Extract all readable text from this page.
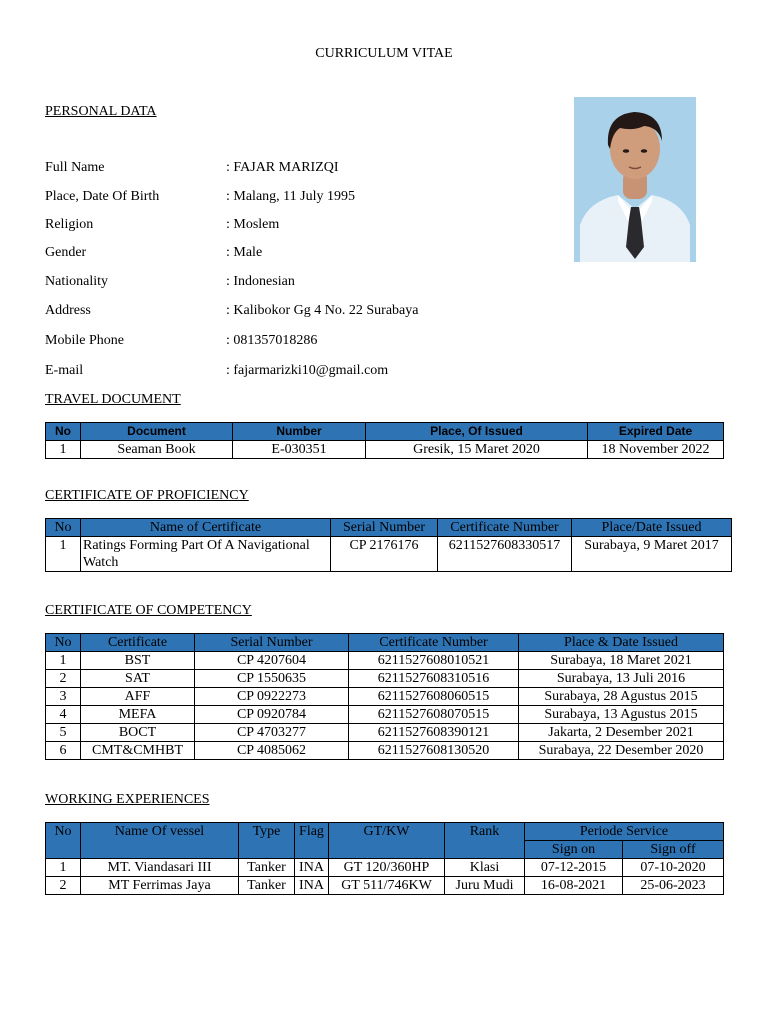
CURRICULUM VITAE
PERSONAL DATA
Full Name	: FAJAR MARIZQI
Place, Date Of Birth	: Malang, 11 July 1995
Religion	: Moslem
Gender	: Male
Nationality	: Indonesian
Address	: Kalibokor Gg 4 No. 22 Surabaya
Mobile Phone	: 081357018286
E-mail	: fajarmarizki10@gmail.com
TRAVEL DOCUMENT
No	Document	Number	Place, Of Issued	Expired Date
1	Seaman Book	E-030351	Gresik, 15 Maret 2020	18 November 2022
CERTIFICATE OF PROFICIENCY
No	Name of Certificate	Serial Number	Certificate Number	Place/Date Issued
1	Ratings Forming Part Of A Navigational Watch	CP 2176176	6211527608330517	Surabaya, 9 Maret 2017
CERTIFICATE OF COMPETENCY
No	Certificate	Serial Number	Certificate Number	Place & Date Issued
1	BST	CP 4207604	6211527608010521	Surabaya, 18 Maret 2021
2	SAT	CP 1550635	6211527608310516	Surabaya, 13 Juli 2016
3	AFF	CP 0922273	6211527608060515	Surabaya, 28 Agustus 2015
4	MEFA	CP 0920784	6211527608070515	Surabaya, 13 Agustus 2015
5	BOCT	CP 4703277	6211527608390121	Jakarta, 2 Desember 2021
6	CMT&CMHBT	CP 4085062	6211527608130520	Surabaya, 22 Desember 2020
WORKING EXPERIENCES
No	Name Of vessel	Type	Flag	GT/KW	Rank	Periode Service	
						Sign on	Sign off
1	MT. Viandasari III	Tanker	INA	GT 120/360HP	Klasi	07-12-2015	07-10-2020
2	MT Ferrimas Jaya	Tanker	INA	GT 511/746KW	Juru Mudi	16-08-2021	25-06-2023
